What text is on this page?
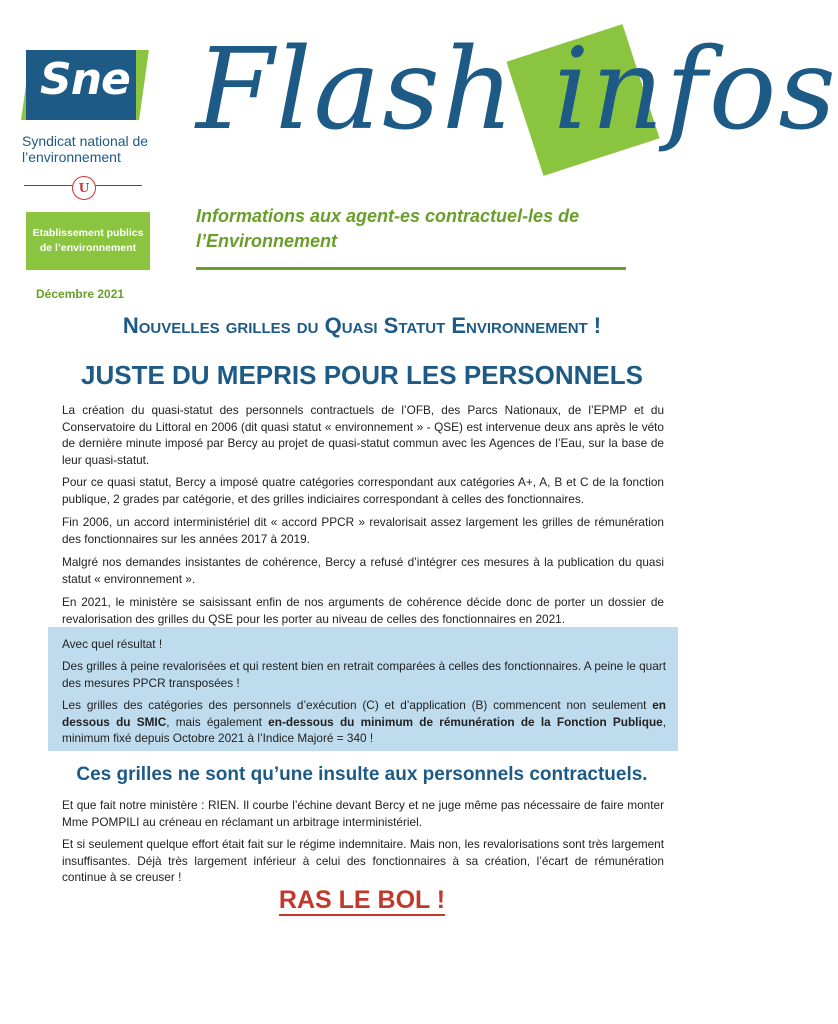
Sne
Syndicat national de l’environnement
U
Etablissement publics de l’environnement
Décembre 2021
Flash infos
Informations aux agent-es contractuel-les de l’Environnement
Nouvelles grilles du Quasi Statut Environnement !
JUSTE DU MEPRIS POUR LES PERSONNELS
La création du quasi-statut des personnels contractuels de l’OFB, des Parcs Nationaux, de l’EPMP et du Conservatoire du Littoral en 2006 (dit quasi statut « environnement » - QSE) est intervenue deux ans après le véto de dernière minute imposé par Bercy au projet de quasi-statut commun avec les Agences de l’Eau, sur la base de leur quasi-statut.
Pour ce quasi statut, Bercy a imposé quatre catégories correspondant aux catégories A+, A, B et C de la fonction publique, 2 grades par catégorie, et des grilles indiciaires correspondant à celles des fonctionnaires.
Fin 2006, un accord interministériel dit « accord PPCR » revalorisait assez largement les grilles de rémunération des fonctionnaires sur les années 2017 à 2019.
Malgré nos demandes insistantes de cohérence, Bercy a refusé d’intégrer ces mesures à la publication du quasi statut « environnement ».
En 2021, le ministère se saisissant enfin de nos arguments de cohérence décide donc de porter un dossier de revalorisation des grilles du QSE pour les porter au niveau de celles des fonctionnaires en 2021.
Avec quel résultat !
Des grilles à peine revalorisées et qui restent bien en retrait comparées à celles des fonctionnaires. A peine le quart des mesures PPCR transposées !
Les grilles des catégories des personnels d’exécution (C) et d’application (B) commencent non seulement en dessous du SMIC, mais également en-dessous du minimum de rémunération de la Fonction Publique, minimum fixé depuis Octobre 2021 à l’Indice Majoré = 340 !
Ces grilles ne sont qu’une insulte aux personnels contractuels.
Et que fait notre ministère : RIEN. Il courbe l’échine devant Bercy et ne juge même pas nécessaire de faire monter Mme POMPILI au créneau en réclamant un arbitrage interministériel.
Et si seulement quelque effort était fait sur le régime indemnitaire. Mais non, les revalorisations sont très largement insuffisantes. Déjà très largement inférieur à celui des fonctionnaires à sa création, l’écart de rémunération continue à se creuser !
RAS LE BOL !
